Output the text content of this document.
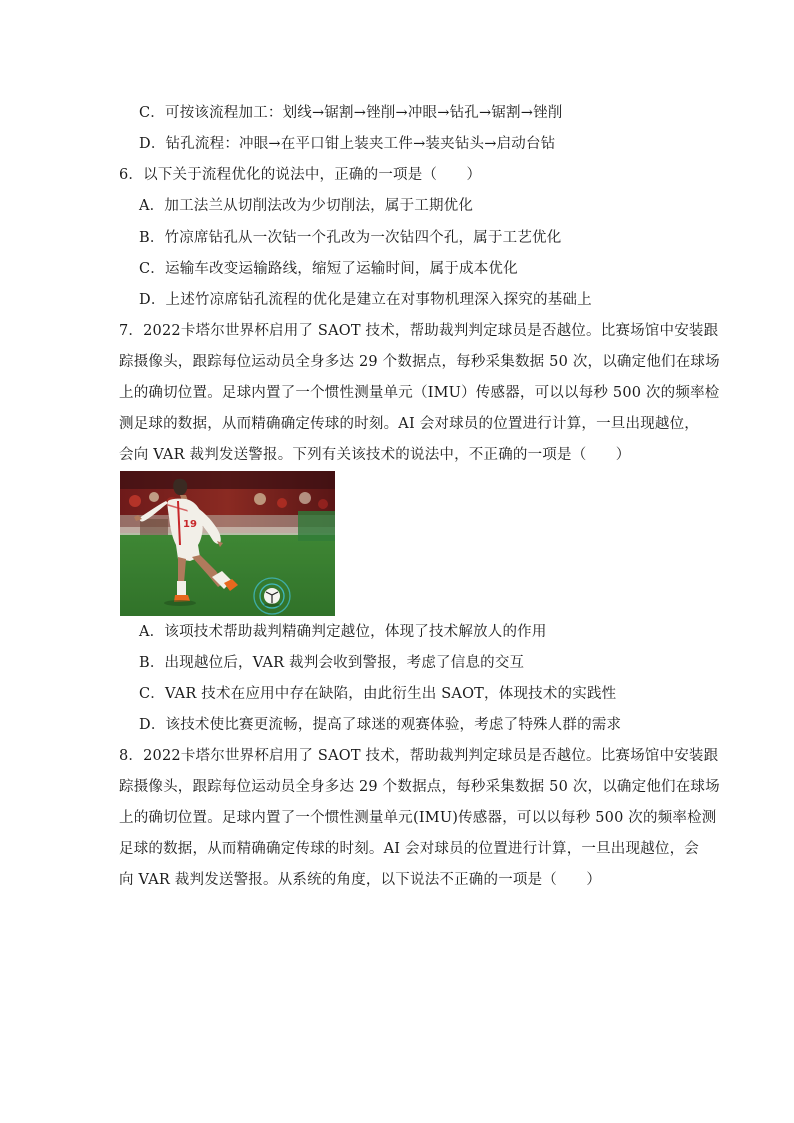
C．可按该流程加工：划线→锯割→锉削→冲眼→钻孔→锯割→锉削
D．钻孔流程：冲眼→在平口钳上装夹工件→装夹钻头→启动台钻
6．以下关于流程优化的说法中，正确的一项是（　　）
A．加工法兰从切削法改为少切削法，属于工期优化
B．竹凉席钻孔从一次钻一个孔改为一次钻四个孔，属于工艺优化
C．运输车改变运输路线，缩短了运输时间，属于成本优化
D．上述竹凉席钻孔流程的优化是建立在对事物机理深入探究的基础上
7．2022卡塔尔世界杯启用了 SAOT 技术，帮助裁判判定球员是否越位。比赛场馆中安装跟
踪摄像头，跟踪每位运动员全身多达 29 个数据点，每秒采集数据 50 次，以确定他们在球场
上的确切位置。足球内置了一个惯性测量单元（IMU）传感器，可以以每秒 500 次的频率检
测足球的数据，从而精确确定传球的时刻。AI 会对球员的位置进行计算，一旦出现越位，
会向 VAR 裁判发送警报。下列有关该技术的说法中，不正确的一项是（　　）
19
A．该项技术帮助裁判精确判定越位，体现了技术解放人的作用
B．出现越位后，VAR 裁判会收到警报，考虑了信息的交互
C．VAR 技术在应用中存在缺陷，由此衍生出 SAOT，体现技术的实践性
D．该技术使比赛更流畅，提高了球迷的观赛体验，考虑了特殊人群的需求
8．2022卡塔尔世界杯启用了 SAOT 技术，帮助裁判判定球员是否越位。比赛场馆中安装跟
踪摄像头，跟踪每位运动员全身多达 29 个数据点，每秒采集数据 50 次，以确定他们在球场
上的确切位置。足球内置了一个惯性测量单元(IMU)传感器，可以以每秒 500 次的频率检测
足球的数据，从而精确确定传球的时刻。AI 会对球员的位置进行计算，一旦出现越位，会
向 VAR 裁判发送警报。从系统的角度，以下说法不正确的一项是（　　）
